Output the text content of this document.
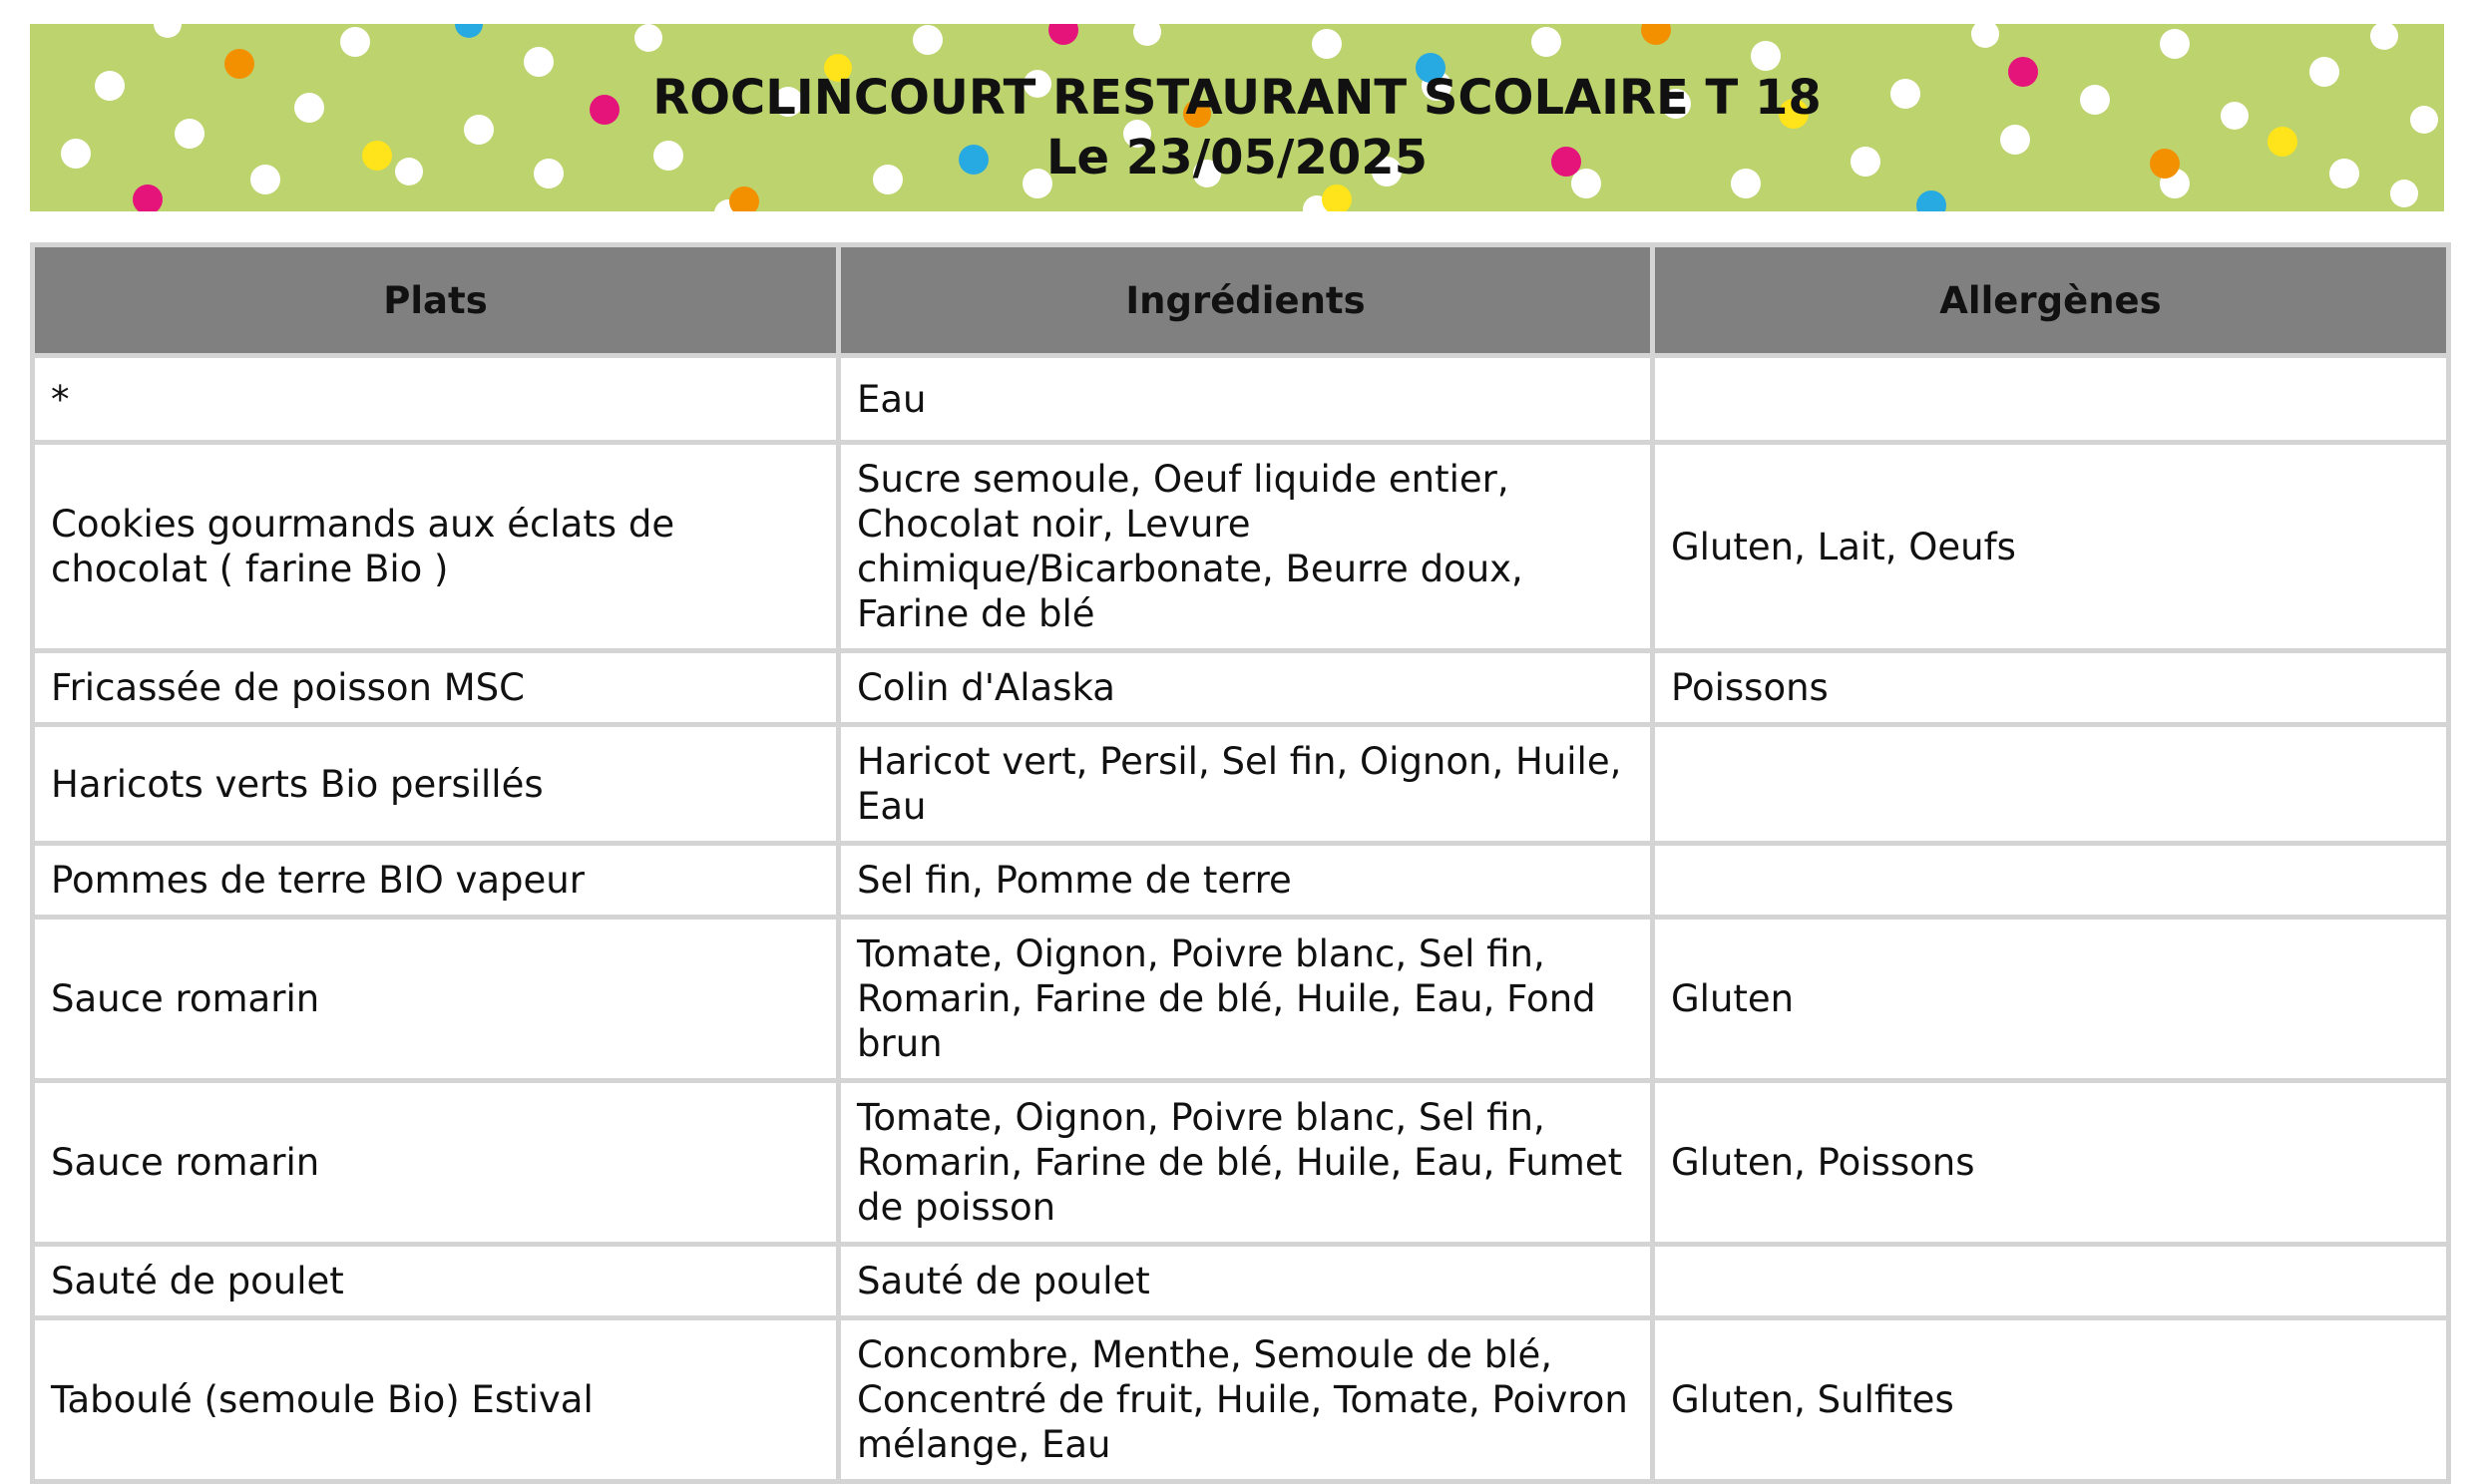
ROCLINCOURT RESTAURANT SCOLAIRE T 18
Le 23/05/2025
Plats	Ingrédients	Allergènes
*	Eau	
Cookies gourmands aux éclats de chocolat ( farine Bio )	Sucre semoule, Oeuf liquide entier, Chocolat noir, Levure chimique/Bicarbonate, Beurre doux, Farine de blé	Gluten, Lait, Oeufs
Fricassée de poisson MSC	Colin d'Alaska	Poissons
Haricots verts Bio persillés	Haricot vert, Persil, Sel fin, Oignon, Huile, Eau	
Pommes de terre BIO vapeur	Sel fin, Pomme de terre	
Sauce romarin	Tomate, Oignon, Poivre blanc, Sel fin, Romarin, Farine de blé, Huile, Eau, Fond brun	Gluten
Sauce romarin	Tomate, Oignon, Poivre blanc, Sel fin, Romarin, Farine de blé, Huile, Eau, Fumet de poisson	Gluten, Poissons
Sauté de poulet	Sauté de poulet	
Taboulé (semoule Bio) Estival	Concombre, Menthe, Semoule de blé, Concentré de fruit, Huile, Tomate, Poivron mélange, Eau	Gluten, Sulfites
